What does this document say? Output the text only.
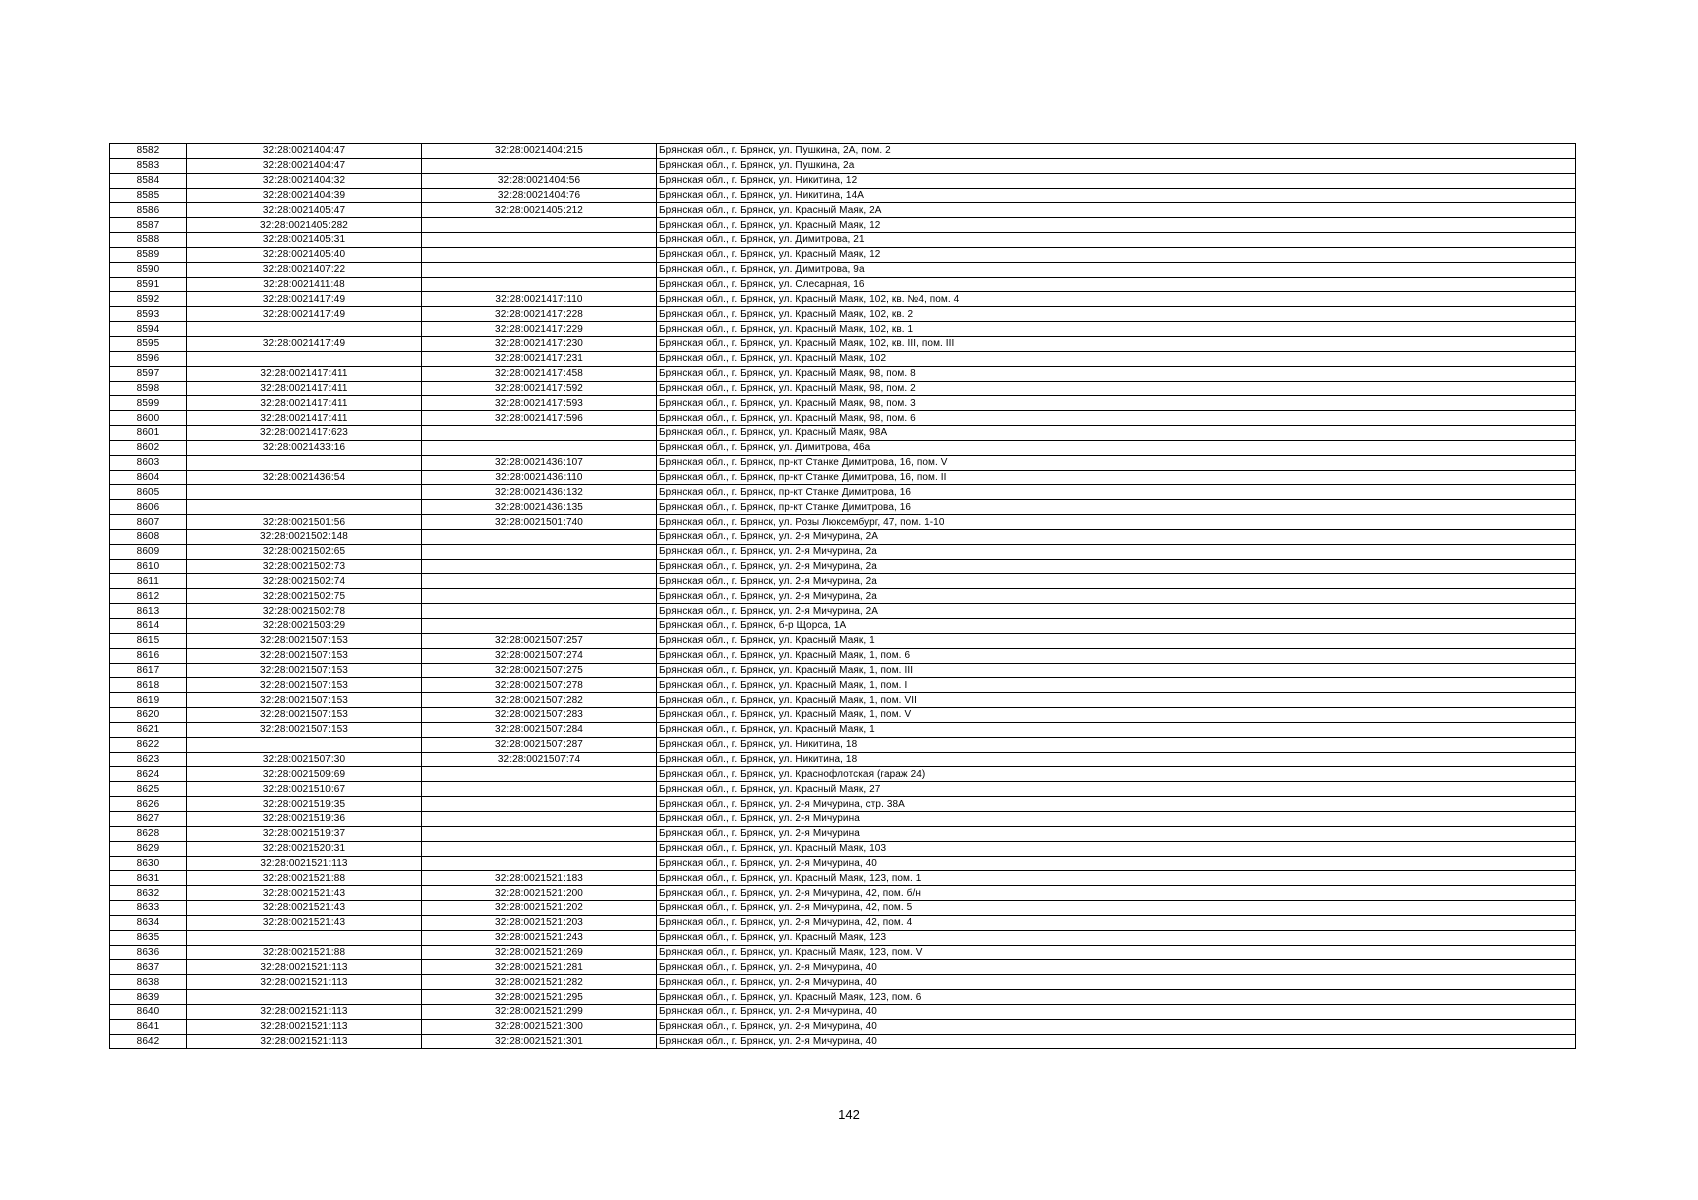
8582	32:28:0021404:47	32:28:0021404:215	Брянская обл., г. Брянск, ул. Пушкина, 2А, пом. 2
8583	32:28:0021404:47		Брянская обл., г. Брянск, ул. Пушкина, 2а
8584	32:28:0021404:32	32:28:0021404:56	Брянская обл., г. Брянск, ул. Никитина, 12
8585	32:28:0021404:39	32:28:0021404:76	Брянская обл., г. Брянск, ул. Никитина, 14А
8586	32:28:0021405:47	32:28:0021405:212	Брянская обл., г. Брянск, ул. Красный Маяк, 2А
8587	32:28:0021405:282		Брянская обл., г. Брянск, ул. Красный Маяк, 12
8588	32:28:0021405:31		Брянская обл., г. Брянск, ул. Димитрова, 21
8589	32:28:0021405:40		Брянская обл., г. Брянск, ул. Красный Маяк, 12
8590	32:28:0021407:22		Брянская обл., г. Брянск, ул. Димитрова, 9а
8591	32:28:0021411:48		Брянская обл., г. Брянск, ул. Слесарная, 16
8592	32:28:0021417:49	32:28:0021417:110	Брянская обл., г. Брянск, ул. Красный Маяк, 102, кв. №4, пом. 4
8593	32:28:0021417:49	32:28:0021417:228	Брянская обл., г. Брянск, ул. Красный Маяк, 102, кв. 2
8594		32:28:0021417:229	Брянская обл., г. Брянск, ул. Красный Маяк, 102, кв. 1
8595	32:28:0021417:49	32:28:0021417:230	Брянская обл., г. Брянск, ул. Красный Маяк, 102, кв. III, пом. III
8596		32:28:0021417:231	Брянская обл., г. Брянск, ул. Красный Маяк, 102
8597	32:28:0021417:411	32:28:0021417:458	Брянская обл., г. Брянск, ул. Красный Маяк, 98, пом. 8
8598	32:28:0021417:411	32:28:0021417:592	Брянская обл., г. Брянск, ул. Красный Маяк, 98, пом. 2
8599	32:28:0021417:411	32:28:0021417:593	Брянская обл., г. Брянск, ул. Красный Маяк, 98, пом. 3
8600	32:28:0021417:411	32:28:0021417:596	Брянская обл., г. Брянск, ул. Красный Маяк, 98, пом. 6
8601	32:28:0021417:623		Брянская обл., г. Брянск, ул. Красный Маяк, 98А
8602	32:28:0021433:16		Брянская обл., г. Брянск, ул. Димитрова, 46а
8603		32:28:0021436:107	Брянская обл., г. Брянск, пр-кт Станке Димитрова, 16, пом. V
8604	32:28:0021436:54	32:28:0021436:110	Брянская обл., г. Брянск, пр-кт Станке Димитрова, 16, пом. II
8605		32:28:0021436:132	Брянская обл., г. Брянск, пр-кт Станке Димитрова, 16
8606		32:28:0021436:135	Брянская обл., г. Брянск, пр-кт Станке Димитрова, 16
8607	32:28:0021501:56	32:28:0021501:740	Брянская обл., г. Брянск, ул. Розы Люксембург, 47, пом. 1-10
8608	32:28:0021502:148		Брянская обл., г. Брянск, ул. 2-я Мичурина, 2А
8609	32:28:0021502:65		Брянская обл., г. Брянск, ул. 2-я Мичурина, 2а
8610	32:28:0021502:73		Брянская обл., г. Брянск, ул. 2-я Мичурина, 2а
8611	32:28:0021502:74		Брянская обл., г. Брянск, ул. 2-я Мичурина, 2а
8612	32:28:0021502:75		Брянская обл., г. Брянск, ул. 2-я Мичурина, 2а
8613	32:28:0021502:78		Брянская обл., г. Брянск, ул. 2-я Мичурина, 2А
8614	32:28:0021503:29		Брянская обл., г. Брянск, б-р Щорса, 1А
8615	32:28:0021507:153	32:28:0021507:257	Брянская обл., г. Брянск, ул. Красный Маяк, 1
8616	32:28:0021507:153	32:28:0021507:274	Брянская обл., г. Брянск, ул. Красный Маяк, 1, пом. 6
8617	32:28:0021507:153	32:28:0021507:275	Брянская обл., г. Брянск, ул. Красный Маяк, 1, пом. III
8618	32:28:0021507:153	32:28:0021507:278	Брянская обл., г. Брянск, ул. Красный Маяк, 1, пом. I
8619	32:28:0021507:153	32:28:0021507:282	Брянская обл., г. Брянск, ул. Красный Маяк, 1, пом. VII
8620	32:28:0021507:153	32:28:0021507:283	Брянская обл., г. Брянск, ул. Красный Маяк, 1, пом. V
8621	32:28:0021507:153	32:28:0021507:284	Брянская обл., г. Брянск, ул. Красный Маяк, 1
8622		32:28:0021507:287	Брянская обл., г. Брянск, ул. Никитина, 18
8623	32:28:0021507:30	32:28:0021507:74	Брянская обл., г. Брянск, ул. Никитина, 18
8624	32:28:0021509:69		Брянская обл., г. Брянск, ул. Краснофлотская (гараж 24)
8625	32:28:0021510:67		Брянская обл., г. Брянск, ул. Красный Маяк, 27
8626	32:28:0021519:35		Брянская обл., г. Брянск, ул. 2-я Мичурина, стр. 38А
8627	32:28:0021519:36		Брянская обл., г. Брянск, ул. 2-я Мичурина
8628	32:28:0021519:37		Брянская обл., г. Брянск, ул. 2-я Мичурина
8629	32:28:0021520:31		Брянская обл., г. Брянск, ул. Красный Маяк, 103
8630	32:28:0021521:113		Брянская обл., г. Брянск, ул. 2-я Мичурина, 40
8631	32:28:0021521:88	32:28:0021521:183	Брянская обл., г. Брянск, ул. Красный Маяк, 123, пом. 1
8632	32:28:0021521:43	32:28:0021521:200	Брянская обл., г. Брянск, ул. 2-я Мичурина, 42, пом. б/н
8633	32:28:0021521:43	32:28:0021521:202	Брянская обл., г. Брянск, ул. 2-я Мичурина, 42, пом. 5
8634	32:28:0021521:43	32:28:0021521:203	Брянская обл., г. Брянск, ул. 2-я Мичурина, 42, пом. 4
8635		32:28:0021521:243	Брянская обл., г. Брянск, ул. Красный Маяк, 123
8636	32:28:0021521:88	32:28:0021521:269	Брянская обл., г. Брянск, ул. Красный Маяк, 123, пом. V
8637	32:28:0021521:113	32:28:0021521:281	Брянская обл., г. Брянск, ул. 2-я Мичурина, 40
8638	32:28:0021521:113	32:28:0021521:282	Брянская обл., г. Брянск, ул. 2-я Мичурина, 40
8639		32:28:0021521:295	Брянская обл., г. Брянск, ул. Красный Маяк, 123, пом. 6
8640	32:28:0021521:113	32:28:0021521:299	Брянская обл., г. Брянск, ул. 2-я Мичурина, 40
8641	32:28:0021521:113	32:28:0021521:300	Брянская обл., г. Брянск, ул. 2-я Мичурина, 40
8642	32:28:0021521:113	32:28:0021521:301	Брянская обл., г. Брянск, ул. 2-я Мичурина, 40
142
